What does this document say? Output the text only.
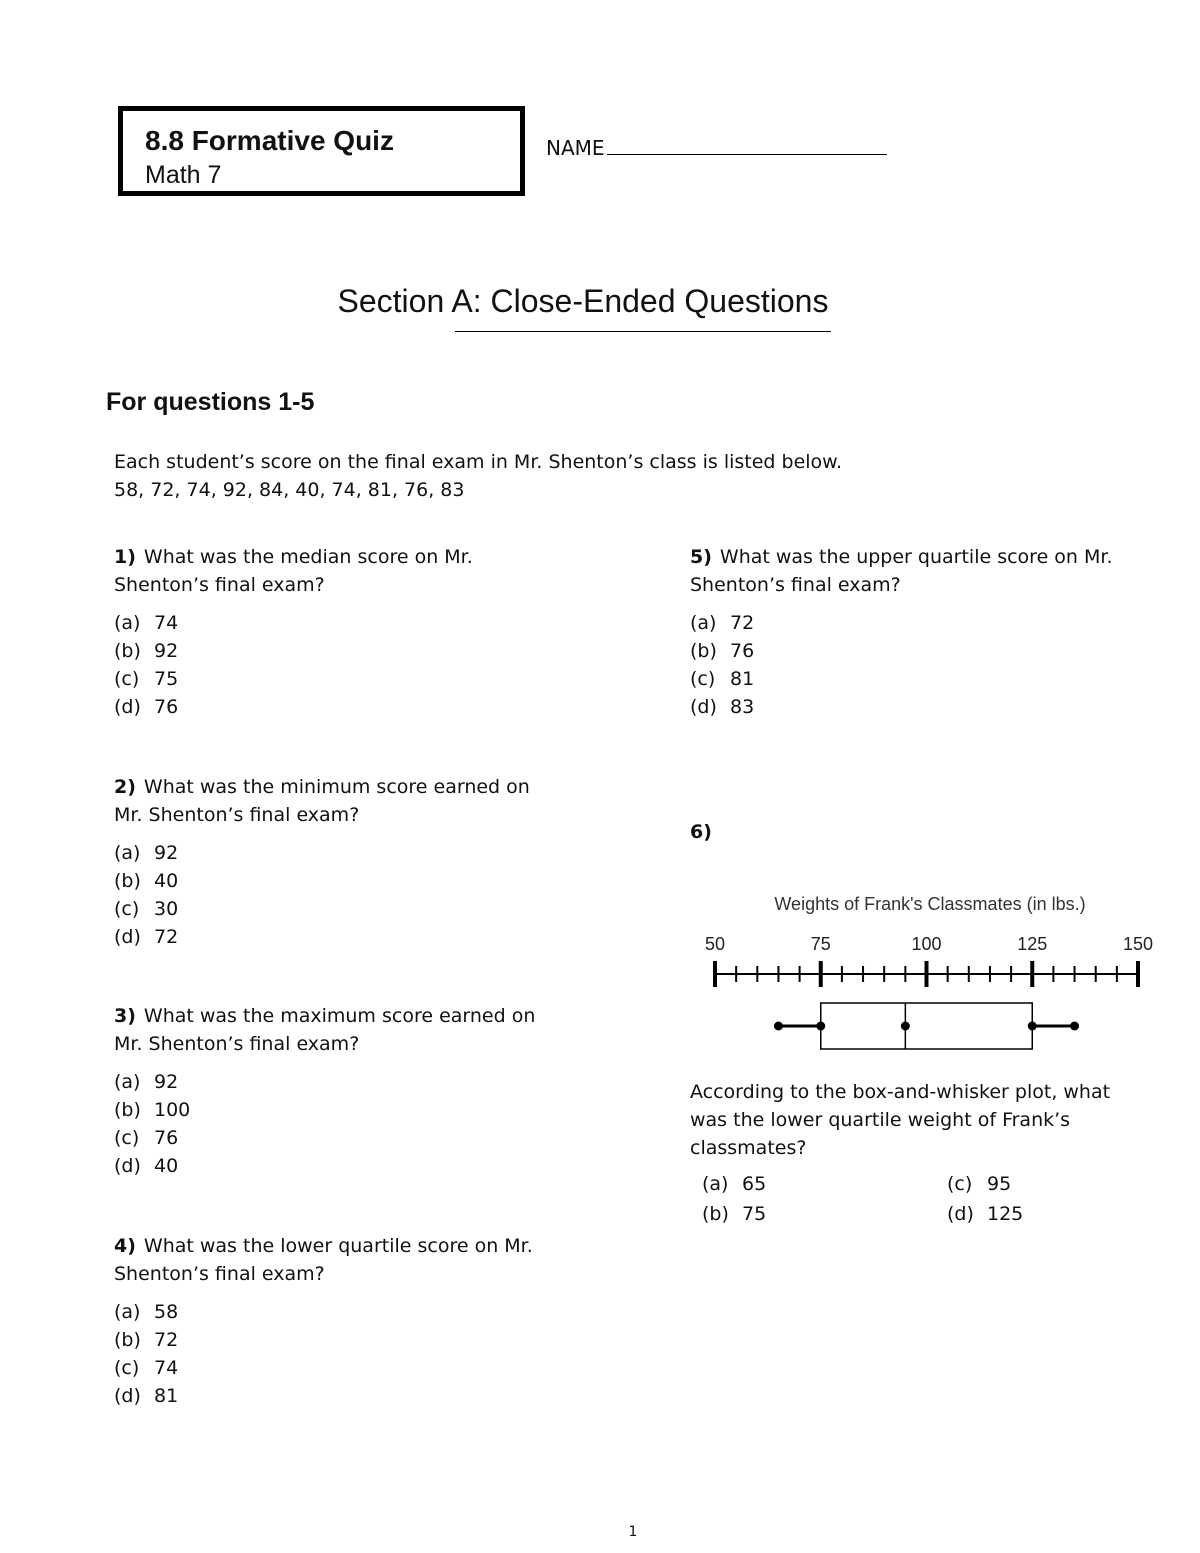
8.8 Formative Quiz
Math 7
NAME
Section A: Close-Ended Questions
For questions 1-5
Each student’s score on the final exam in Mr. Shenton’s class is listed below.
58, 72, 74, 92, 84, 40, 74, 81, 76, 83
1) What was the median score on Mr.
Shenton’s final exam?
(a) 74
(b) 92
(c) 75
(d) 76
2) What was the minimum score earned on
Mr. Shenton’s final exam?
(a) 92
(b) 40
(c) 30
(d) 72
3) What was the maximum score earned on
Mr. Shenton’s final exam?
(a) 92
(b) 100
(c) 76
(d) 40
4) What was the lower quartile score on Mr.
Shenton’s final exam?
(a) 58
(b) 72
(c) 74
(d) 81
5) What was the upper quartile score on Mr.
Shenton’s final exam?
(a) 72
(b) 76
(c) 81
(d) 83
6)
Weights of Frank's Classmates (in lbs.)
50	75	100	125	150
According to the box-and-whisker plot, what
was the lower quartile weight of Frank’s
classmates?
(a) 65	(c) 95
(b) 75	(d) 125
1
